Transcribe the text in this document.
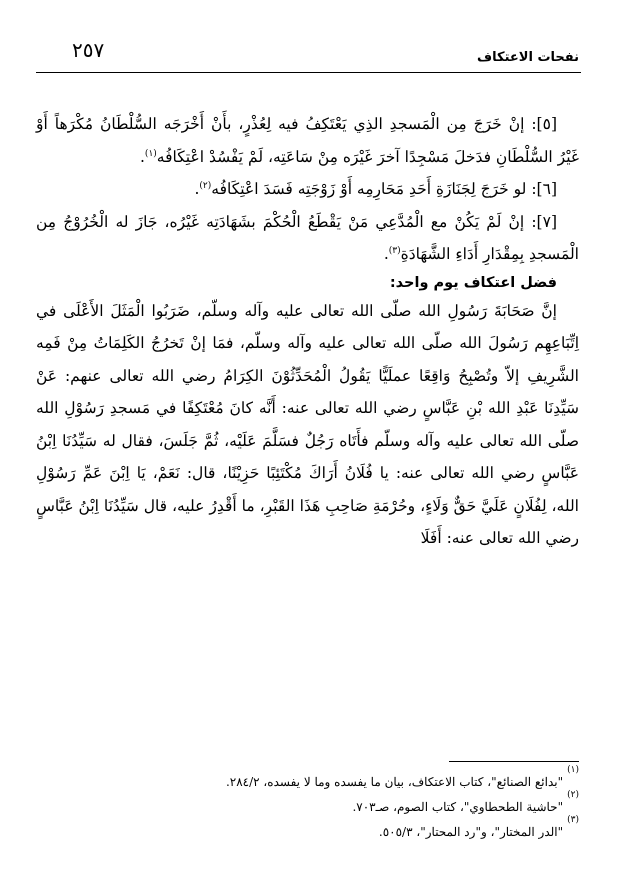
نفحات الاعتكاف
٢٥٧

[٥]: إنْ خَرَجَ مِن الْمَسجدِ الذِي يَعْتَكِفُ فيه لِعُذْرٍ، بأَنْ أَخْرَجَه السُّلْطَانُ مُكْرَهاً أَوْ غَيْرُ السُّلْطَانِ فدَخلَ مَسْجِدًا آخرَ غَيْرَه مِنْ سَاعَتِه، لَمْ يَفْسُدْ اعْتِكَافُه$^{(١)}$.

[٦]: لو خَرَجَ لِجَنَازَةِ أَحَدِ مَحَارِمِه أَوْ زَوْجَتِه فَسَدَ اعْتِكَافُه$^{(٢)}$.

[٧]: إنْ لَمْ يَكُنْ مع الْمُدَّعِي مَنْ يَقْطَعُ الْحُكْمَ بشَهَادَتِه غَيْرُه، جَازَ له الْخُرُوْجُ مِن الْمَسجدِ بِمِقْدَارِ أَدَاءِ الشَّهَادَةِ$^{(٣)}$.

فضل اعتكاف يوم واحد:

إنَّ صَحَابَةَ رَسُولِ الله صلّى الله تعالى عليه وآله وسلّم، ضَرَبُوا الْمَثَلَ الأَعْلَى في اِتِّبَاعِهِم رَسُولَ الله صلّى الله تعالى عليه وآله وسلّم، فمَا إنْ تَخرُجُ الكَلِمَاتُ مِنْ فَمِه الشَّرِيفِ إلاّ وتُصْبِحُ وَاقِعًا عملَيًّا يَقُولُ الْمُحَدِّثُوْنَ الكِرَامُ رضي الله تعالى عنهم: عَنْ سَيِّدِنَا عَبْدِ الله بْنِ عَبَّاسٍ رضي الله تعالى عنه: أَنَّه كانَ مُعْتَكِفًا في مَسجدِ رَسُوْلِ الله صلّى الله تعالى عليه وآله وسلّم فأَتَاه رَجُلٌ فسَلَّمَ عَلَيْه، ثُمَّ جَلَسَ، فقال له سَيِّدُنَا اِبْنُ عَبَّاسٍ رضي الله تعالى عنه: يا فُلَانُ أَرَاكَ مُكْتَئِبًا حَزِيْنًا، قال: نَعَمْ، يَا اِبْنَ عَمِّ رَسُوْلِ الله، لِفُلَانٍ عَلَيَّ حَقٌّ وَلَاءٍ، وحُرْمَةِ صَاحِبِ هَذَا القَبْرِ، ما أَقْدِرُ عليه، قال سَيِّدُنَا اِبْنُ عَبَّاسٍ رضي الله تعالى عنه: أَفَلَا

(١)
"بدائع الصنائع"، كتاب الاعتكاف، بيان ما يفسده وما لا يفسده، ٢٨٤/٢.
(٢)
"حاشية الطحطاوي"، كتاب الصوم، صـ٧٠٣.
(٣)
"الدر المختار"، و"رد المحتار"، ٥٠٥/٣.
